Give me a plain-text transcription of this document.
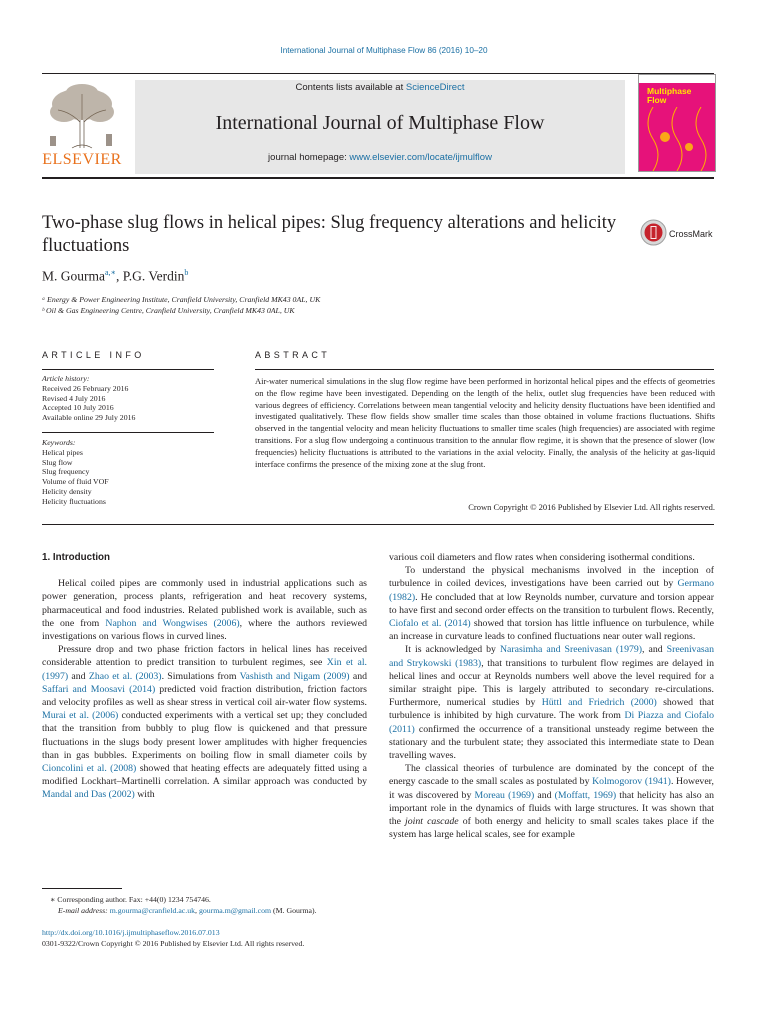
International Journal of Multiphase Flow 86 (2016) 10–20
ELSEVIER
Contents lists available at ScienceDirect
International Journal of Multiphase Flow
journal homepage: www.elsevier.com/locate/ijmulflow
Multiphase Flow
Two-phase slug flows in helical pipes: Slug frequency alterations and helicity fluctuations
CrossMark
M. Gourma$^{a,∗}$, P.G. Verdin$^b$
ᵃ Energy & Power Engineering Institute, Cranfield University, Cranfield MK43 0AL, UK
ᵇ Oil & Gas Engineering Centre, Cranfield University, Cranfield MK43 0AL, UK
ARTICLE INFO
Article history:
Received 26 February 2016
Revised 4 July 2016
Accepted 10 July 2016
Available online 29 July 2016
Keywords:
Helical pipes
Slug flow
Slug frequency
Volume of fluid VOF
Helicity density
Helicity fluctuations
ABSTRACT
Air-water numerical simulations in the slug flow regime have been performed in horizontal helical pipes and the effects of geometries on the flow regime have been investigated. Depending on the length of the helix, outlet slug frequencies have been reduced with various degrees of efficiency. Correlations between mean tangential velocity and helicity density fluctuations have been identified and investigated qualitatively. These flow fields show smaller time scales than those obtained in volume fractions fluctuations. Shifts observed in the tangential velocity and mean helicity fluctuations to smaller time scales (high frequencies) are associated with regime transitions. For a slug flow undergoing a continuous transition to the annular flow regime, it is shown that the presence of slower (low frequencies) helicity fluctuations is attributed to the variations in the axial velocity. Finally, the analysis of the helicity at gas-liquid interface confirms the presence of the mixing zone at the slug front.
Crown Copyright © 2016 Published by Elsevier Ltd. All rights reserved.

1. Introduction

Helical coiled pipes are commonly used in industrial applications such as power generation, process plants, refrigeration and heat recovery systems, pharmaceutical and food industries. Related published work is available, such as the one from Naphon and Wongwises (2006), where the authors reviewed investigations on various flows in curved lines.

Pressure drop and two phase friction factors in helical lines has received considerable attention to predict transition to turbulent regimes, see Xin et al. (1997) and Zhao et al. (2003). Simulations from Vashisth and Nigam (2009) and Saffari and Moosavi (2014) predicted void fraction distribution, friction factors and velocity profiles as well as shear stress in vertical coil air-water flow systems. Murai et al. (2006) conducted experiments with a vertical set up; they concluded that the transition from bubbly to plug flow is quickened and that pressure fluctuations in the slugs body present lower amplitudes with higher frequencies than in gas bubbles. Experiments on boiling flow in small diameter coils by Cioncolini et al. (2008) showed that heating effects are adequately fitted using a modified Lockhart–Martinelli correlation. A similar approach was conducted by Mandal and Das (2002) with

various coil diameters and flow rates when considering isothermal conditions.

To understand the physical mechanisms involved in the inception of turbulence in coiled devices, investigations have been carried out by Germano (1982). He concluded that at low Reynolds number, curvature and torsion appear to have first and second order effects on the transition to turbulent flows. Recently, Ciofalo et al. (2014) showed that torsion has little influence on turbulence, while an increase in curvature leads to confined fluctuations near outer wall regions.

It is acknowledged by Narasimha and Sreenivasan (1979), and Sreenivasan and Strykowski (1983), that transitions to turbulent flow regimes are delayed in helical lines and occur at Reynolds numbers well above the level required for a similar straight pipe. This is largely attributed to secondary re-circulations. Furthermore, numerical studies by Hüttl and Friedrich (2000) showed that turbulence is inhibited by high curvature. The work from Di Piazza and Ciofalo (2011) confirmed the occurrence of a transitional unsteady regime between the stationary and the turbulent state; they associated this intermediate state to Dean travelling waves.

The classical theories of turbulence are dominated by the concept of the energy cascade to the small scales as postulated by Kolmogorov (1941). However, it was discovered by Moreau (1969) and (Moffatt, 1969) that helicity has also an important role in the dynamics of fluids with large structures. It was shown that the joint cascade of both energy and helicity to small scales takes place if the system has large helical scales, see for example

∗ Corresponding author. Fax: +44(0) 1234 754746.
E-mail address: m.gourma@cranfield.ac.uk, gourma.m@gmail.com (M. Gourma).
http://dx.doi.org/10.1016/j.ijmultiphaseflow.2016.07.013
0301-9322/Crown Copyright © 2016 Published by Elsevier Ltd. All rights reserved.
